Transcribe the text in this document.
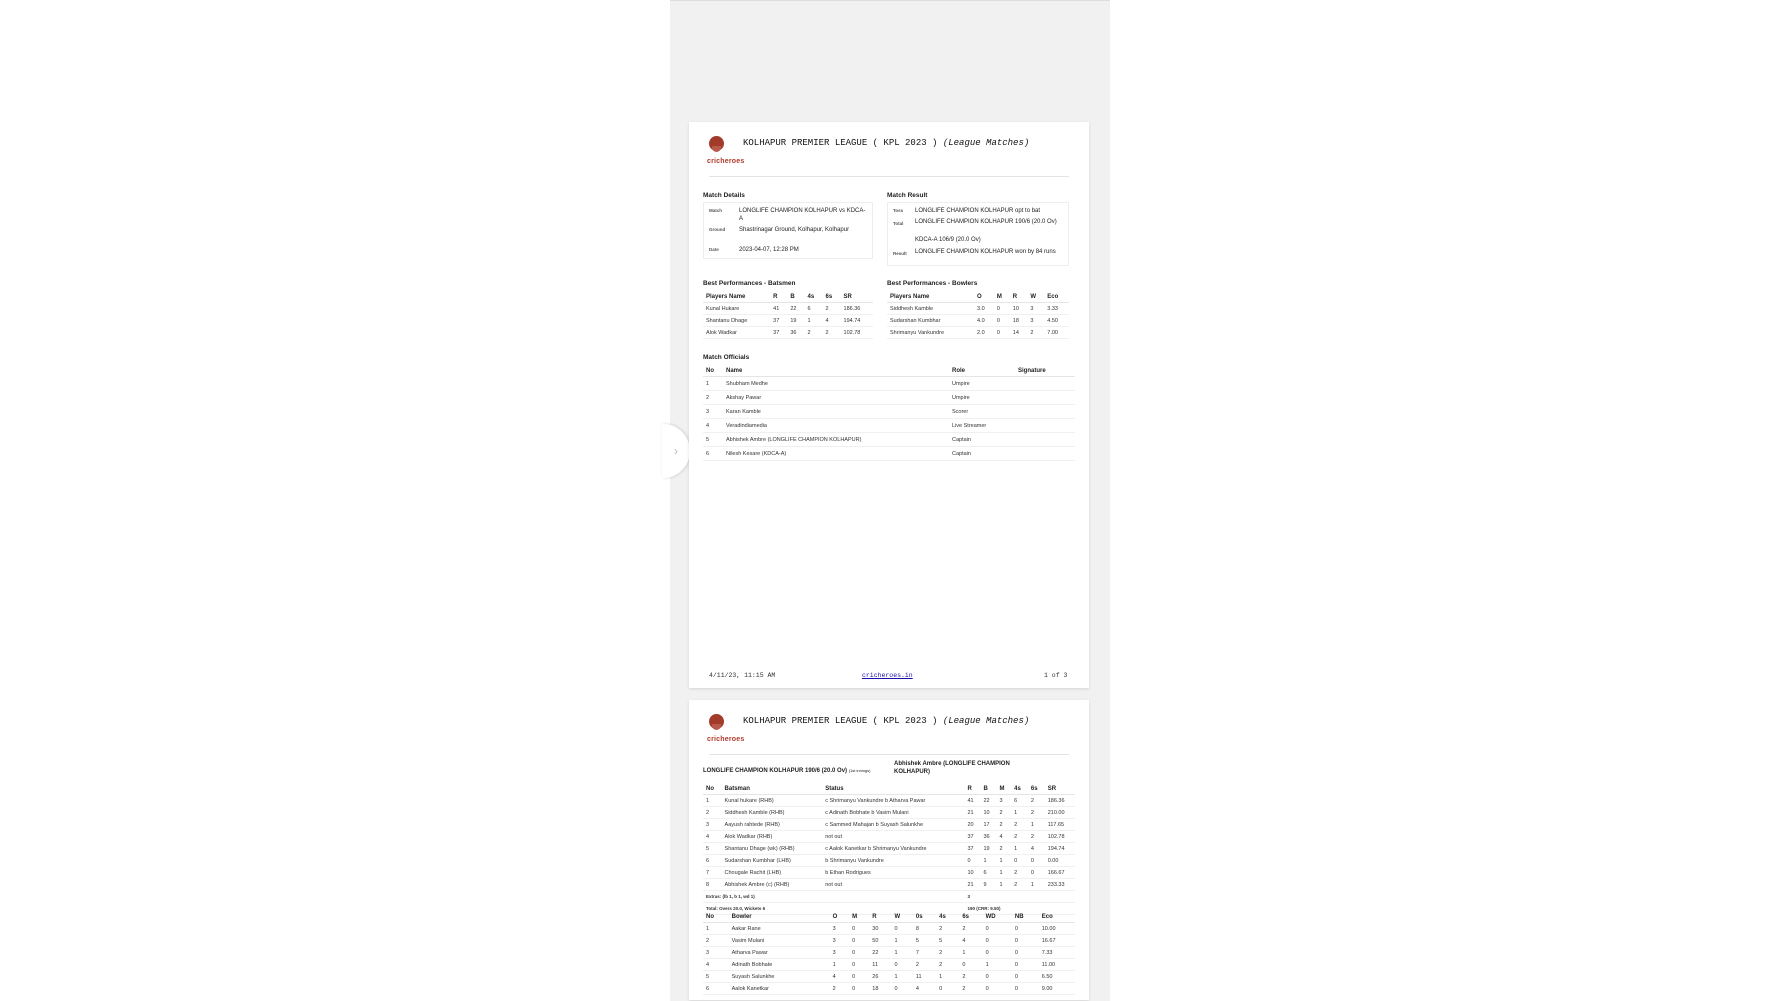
›
cricheroes
KOLHAPUR PREMIER LEAGUE ( KPL 2023 ) (League Matches)
Match Details
Match	LONGLIFE CHAMPION KOLHAPUR vs KDCA-A
Ground Shastrinagar Ground, Kolhapur, Kolhapur
Date	2023-04-07, 12:28 PM
Match Result
Toss LONGLIFE CHAMPION KOLHAPUR opt to bat
Total LONGLIFE CHAMPION KOLHAPUR 190/6 (20.0 Ov)
KDCA-A 106/9 (20.0 Ov)
Result LONGLIFE CHAMPION KOLHAPUR won by 84 runs
Best Performances - Batsmen
Players Name	R	B	4s	6s	SR
Kunal Hukare	41	22	6	2	186.36
Shantanu Dhage	37	19	1	4	194.74
Alok Wadkar	37	36	2	2	102.78
Best Performances - Bowlers
Players Name	O	M	R	W	Eco
Siddhesh Kamble	3.0	0	10	3	3.33
Sudarshan Kumbhar	4.0	0	18	3	4.50
Shrimanyu Vankundre	2.0	0	14	2	7.00
Match Officials
No	Name	Role	Signature
1	Shubham Medhe	Umpire	
2	Akshay Pawar	Umpire	
3	Karan Kamble	Scorer	
4	Veradindiamedia	Live Streamer	
5	Abhishek Ambre (LONGLIFE CHAMPION KOLHAPUR)	Captain	
6	Nilesh Kesare (KDCA-A)	Captain	
4/11/23, 11:15 AM	cricheroes.in	1 of 3
cricheroes
KOLHAPUR PREMIER LEAGUE ( KPL 2023 ) (League Matches)
LONGLIFE CHAMPION KOLHAPUR 190/6 (20.0 Ov) (1st innings)
Abhishek Ambre (LONGLIFE CHAMPION KOLHAPUR)
No	Batsman	Status	R	B	M	4s	6s	SR
1	Kunal hukare (RHB)	c Shrimanyu Vankundre b Atharva Pawar	41	22	3	6	2	186.36
2	Siddhesh Kamble (RHB)	c Adinath Bobhate b Vasim Mulani	21	10	2	1	2	210.00
3	Aayush rahtede (RHB)	c Sammed Mahajan b Suyash Salunkhe	20	17	2	2	1	117.65
4	Alok Wadkar (RHB)	not out	37	36	4	2	2	102.78
5	Shantanu Dhage (wk) (RHB)	c Aalok Kanetkar b Shrimanyu Vankundre	37	19	2	1	4	194.74
6	Sudarshan Kumbhar (LHB)	b Shrimanyu Vankundre	0	1	1	0	0	0.00
7	Chougale Rachit (LHB)	b Ethan Rodrigues	10	6	1	2	0	166.67
8	Abhishek Ambre (c) (RHB)	not out	21	9	1	2	1	233.33
Extras: (lb 1, b 1, wd 1)			3					
Total: Overs 20.0, Wickets 6			190 (CRR: 9.50)					
No	Bowler	O	M	R	W	0s	4s	6s	WD	NB	Eco
1	Aakar Rane	3	0	30	0	8	2	2	0	0	10.00
2	Vasim Mulani	3	0	50	1	5	5	4	0	0	16.67
3	Atharva Pawar	3	0	22	1	7	2	1	0	0	7.33
4	Adinath Bobhate	1	0	11	0	2	2	0	1	0	11.00
5	Suyash Salunkhe	4	0	26	1	11	1	2	0	0	6.50
6	Aalok Kanetkar	2	0	18	0	4	0	2	0	0	9.00
